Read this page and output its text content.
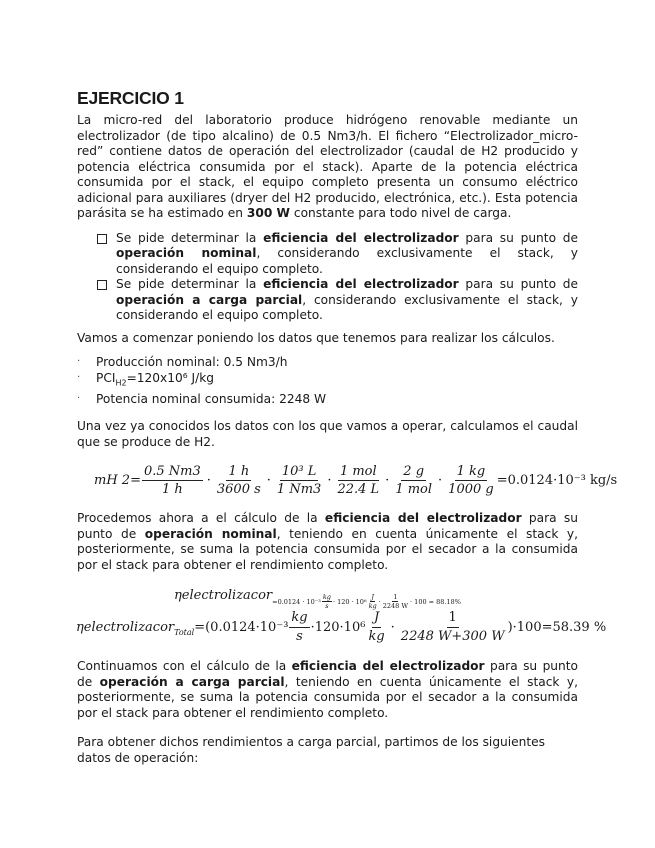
EJERCICIO 1

La micro-red del laboratorio produce hidrógeno renovable mediante un electrolizador (de tipo alcalino) de 0.5 Nm3/h. El fichero “Electrolizador_micro-red” contiene datos de operación del electrolizador (caudal de H2 producido y potencia eléctrica consumida por el stack). Aparte de la potencia eléctrica consumida por el stack, el equipo completo presenta un consumo eléctrico adicional para auxiliares (dryer del H2 producido, electrónica, etc.). Esta potencia parásita se ha estimado en 300 W constante para todo nivel de carga.

Se pide determinar la eficiencia del electrolizador para su punto de operación nominal, considerando exclusivamente el stack, y considerando el equipo completo.
Se pide determinar la eficiencia del electrolizador para su punto de operación a carga parcial, considerando exclusivamente el stack, y considerando el equipo completo.

Vamos a comenzar poniendo los datos que tenemos para realizar los cálculos.

· Producción nominal: 0.5 Nm3/h
· $PCI_{H2}=120x10^6$ J/kg
· Potencia nominal consumida: 2248 W

Una vez ya conocidos los datos con los que vamos a operar, calculamos el caudal que se produce de H2.

mH $2= \frac{0.5 Nm3}{1 h} \cdot \frac{1 h}{3600 s} \cdot \frac{\text{10³ L}}{1 Nm3} \cdot \frac{\text{1 mol}}{22.4 L} \cdot \frac{2 g}{\text{1 mol}} \cdot \frac{1 kg}{1000 g} =0.0124\cdot 10^{-3}$ kg/s

Procedemos ahora a el cálculo de la eficiencia del electrolizador para su punto de operación nominal, teniendo en cuenta únicamente el stack y, posteriormente, se suma la potencia consumida por el secador a la consumida por el stack para obtener el rendimiento completo.

ηelectrolizacor $=0.0124 \cdot 10^{-3} \frac{kg}{s} \cdot 120 \cdot 10^6 \frac{J}{kg} \cdot \frac{1}{2248 W} \cdot 100 = 88.18\%$
ηelectrolizacor Total $=(0.0124\cdot 10^{-3} \frac{kg}{s} \cdot 120\cdot 10^6 \frac{J}{kg} \cdot \frac{1}{2248 W+300 W} )\cdot 100=58.39$ %

Continuamos con el cálculo de la eficiencia del electrolizador para su punto de operación a carga parcial, teniendo en cuenta únicamente el stack y, posteriormente, se suma la potencia consumida por el secador a la consumida por el stack para obtener el rendimiento completo.

Para obtener dichos rendimientos a carga parcial, partimos de los siguientes datos de operación:
